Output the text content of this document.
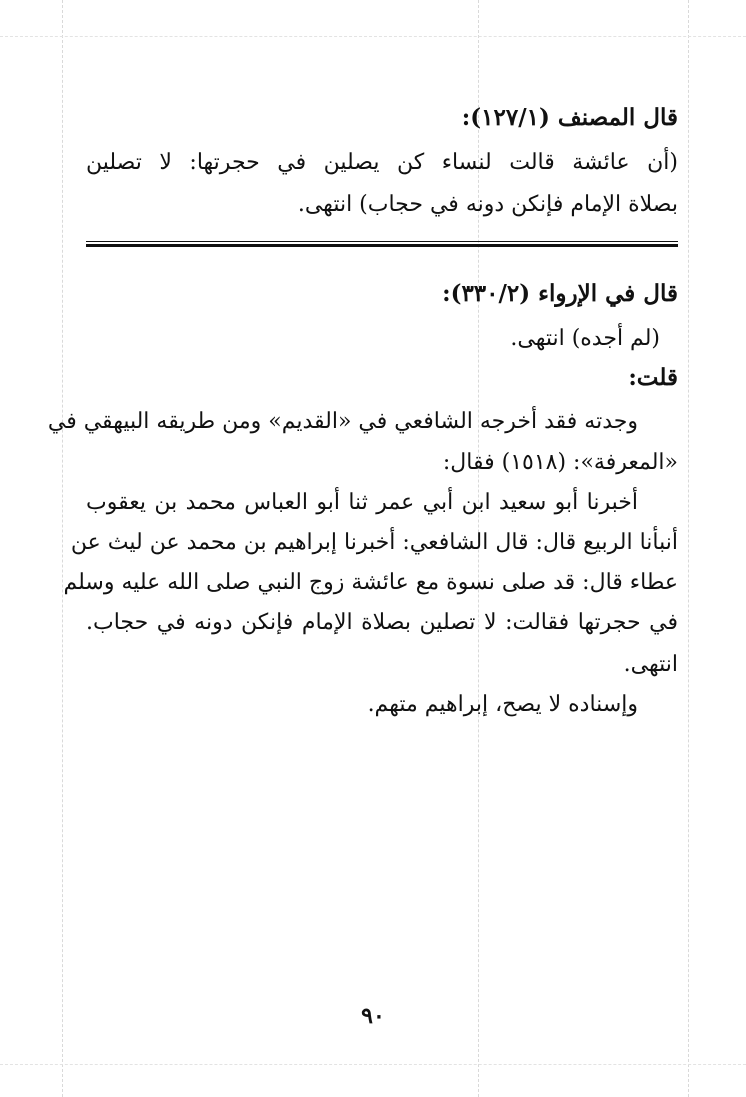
قال المصنف (١٢٧/١):
(أن عائشة قالت لنساء كن يصلين في حجرتها: لا تصلين
بصلاة الإمام فإنكن دونه في حجاب) انتهى.
قال في الإرواء (٣٣٠/٢):
(لم أجده) انتهى.
قلت:
وجدته فقد أخرجه الشافعي في «القديم» ومن طريقه البيهقي في
«المعرفة»: (١٥١٨) فقال:
أخبرنا أبو سعيد ابن أبي عمر ثنا أبو العباس محمد بن يعقوب
أنبأنا الربيع قال: قال الشافعي: أخبرنا إبراهيم بن محمد عن ليث عن
عطاء قال: قد صلى نسوة مع عائشة زوج النبي صلى الله عليه وسلم
في حجرتها فقالت: لا تصلين بصلاة الإمام فإنكن دونه في حجاب.
انتهى.
وإسناده لا يصح، إبراهيم متهم.
٩٠
